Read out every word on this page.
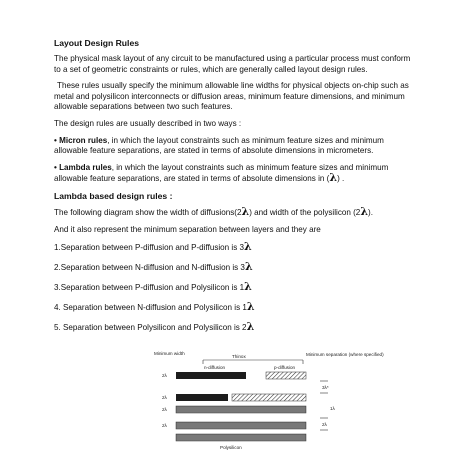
Layout Design Rules

The physical mask layout of any circuit to be manufactured using a particular process must conform to a set of geometric constraints or rules, which are generally called layout design rules.

These rules usually specify the minimum allowable line widths for physical objects on-chip such as metal and polysilicon interconnects or diffusion areas, minimum feature dimensions, and minimum allowable separations between two such features.

The design rules are usually described in two ways :

• Micron rules, in which the layout constraints such as minimum feature sizes and minimum allowable feature separations, are stated in terms of absolute dimensions in micrometers.

• Lambda rules, in which the layout constraints such as minimum feature sizes and minimum allowable feature separations, are stated in terms of absolute dimensions in (λ) .

Lambda based design rules :

The following diagram show the width of diffusions(2λ) and width of the polysilicon (2λ).

And it also represent the minimum separation between layers and they are

1.Separation between P-diffusion and P-diffusion is 3λ
2.Separation between N-diffusion and N-diffusion is 3λ
3.Separation between P-diffusion and Polysilicon is 1λ
4. Separation between N-diffusion and Polysilicon is 1λ
5. Separation between Polysilicon and Polysilicon is 2λ
Minimum width
Thinox
n-diffusion	p-diffusion
Minimum separation (where specified)
2λ
3λ*
2λ
2λ	1λ
2λ	2λ
Polysilicon
